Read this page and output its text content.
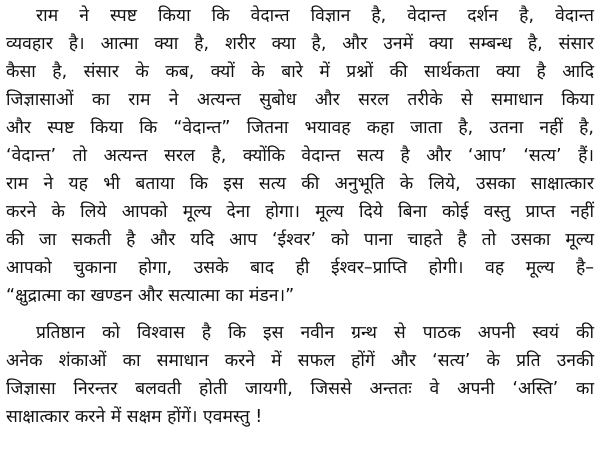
राम ने स्पष्ट किया कि वेदान्त विज्ञान है, वेदान्त दर्शन है, वेदान्त
व्यवहार है। आत्मा क्या है, शरीर क्या है, और उनमें क्या सम्बन्ध है, संसार
कैसा है, संसार के कब, क्यों के बारे में प्रश्नों की सार्थकता क्या है आदि
जिज्ञासाओं का राम ने अत्यन्त सुबोध और सरल तरीके से समाधान किया
और स्पष्ट किया कि “वेदान्त” जितना भयावह कहा जाता है, उतना नहीं है,
‘वेदान्त’ तो अत्यन्त सरल है, क्योंकि वेदान्त सत्य है और ‘आप’ ‘सत्य’ हैं।
राम ने यह भी बताया कि इस सत्य की अनुभूति के लिये, उसका साक्षात्कार
करने के लिये आपको मूल्य देना होगा। मूल्य दिये बिना कोई वस्तु प्राप्त नहीं
की जा सकती है और यदि आप ‘ईश्वर’ को पाना चाहते है तो उसका मूल्य
आपको चुकाना होगा, उसके बाद ही ईश्वर–प्राप्ति होगी। वह मूल्य है–
“क्षुद्रात्मा का खण्डन और सत्यात्मा का मंडन।”
प्रतिष्ठान को विश्वास है कि इस नवीन ग्रन्थ से पाठक अपनी स्वयं की
अनेक शंकाओं का समाधान करने में सफल होंगें और ‘सत्य’ के प्रति उनकी
जिज्ञासा निरन्तर बलवती होती जायगी, जिससे अन्ततः वे अपनी ‘अस्ति’ का
साक्षात्कार करने में सक्षम होंगें। एवमस्तु !
